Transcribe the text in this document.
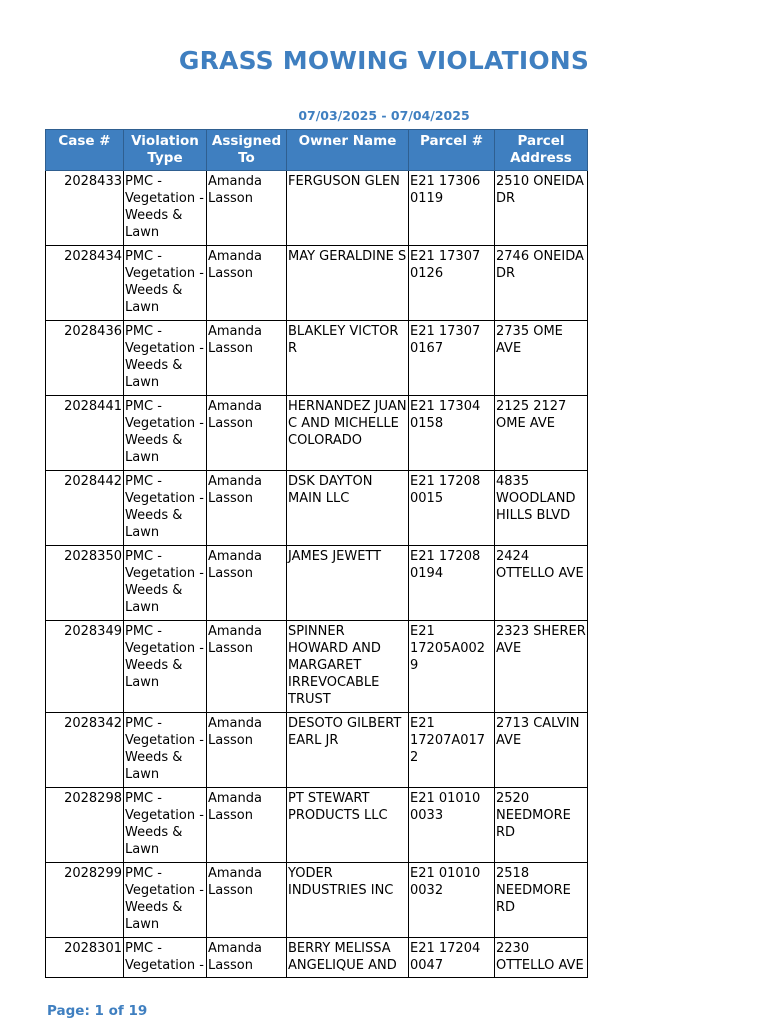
GRASS MOWING VIOLATIONS
07/03/2025 - 07/04/2025
Case #	Violation Type	Assigned To	Owner Name	Parcel #	Parcel Address
2028433	PMC - Vegetation - Weeds & Lawn	Amanda Lasson	FERGUSON GLEN	E21 17306 0119	2510 ONEIDA DR
2028434	PMC - Vegetation - Weeds & Lawn	Amanda Lasson	MAY GERALDINE S	E21 17307 0126	2746 ONEIDA DR
2028436	PMC - Vegetation - Weeds & Lawn	Amanda Lasson	BLAKLEY VICTOR R	E21 17307 0167	2735 OME AVE
2028441	PMC - Vegetation - Weeds & Lawn	Amanda Lasson	HERNANDEZ JUAN C AND MICHELLE COLORADO	E21 17304 0158	2125 2127 OME AVE
2028442	PMC - Vegetation - Weeds & Lawn	Amanda Lasson	DSK DAYTON MAIN LLC	E21 17208 0015	4835 WOODLAND HILLS BLVD
2028350	PMC - Vegetation - Weeds & Lawn	Amanda Lasson	JAMES JEWETT	E21 17208 0194	2424 OTTELLO AVE
2028349	PMC - Vegetation - Weeds & Lawn	Amanda Lasson	SPINNER HOWARD AND MARGARET IRREVOCABLE TRUST	E21 17205A0029	2323 SHERER AVE
2028342	PMC - Vegetation - Weeds & Lawn	Amanda Lasson	DESOTO GILBERT EARL JR	E21 17207A0172	2713 CALVIN AVE
2028298	PMC - Vegetation - Weeds & Lawn	Amanda Lasson	PT STEWART PRODUCTS LLC	E21 01010 0033	2520 NEEDMORE RD
2028299	PMC - Vegetation - Weeds & Lawn	Amanda Lasson	YODER INDUSTRIES INC	E21 01010 0032	2518 NEEDMORE RD
2028301	PMC - Vegetation -	Amanda Lasson	BERRY MELISSA ANGELIQUE AND	E21 17204 0047	2230 OTTELLO AVE
Page: 1 of 19
